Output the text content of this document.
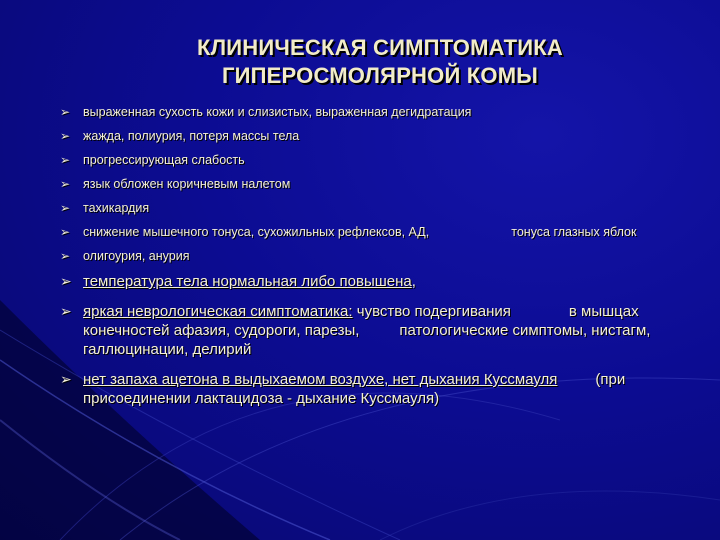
КЛИНИЧЕСКАЯ СИМПТОМАТИКА
ГИПЕРОСМОЛЯРНОЙ КОМЫ
➢ выраженная сухость кожи и слизистых, выраженная дегидратация
➢ жажда, полиурия, потеря массы тела
➢ прогрессирующая слабость
➢ язык обложен коричневым налетом
➢ тахикардия
➢ снижение мышечного тонуса, сухожильных рефлексов, АД,	тонуса глазных яблок
➢ олигоурия, анурия
➢ температура тела нормальная либо повышена,
➢ яркая неврологическая симптоматика: чувство подергивания	в мышцах конечностей афазия, судороги, парезы,	патологические симптомы, нистагм, галлюцинации, делирий
➢ нет запаха ацетона в выдыхаемом воздухе, нет дыхания Куссмауля	(при присоединении лактацидоза - дыхание Куссмауля)
